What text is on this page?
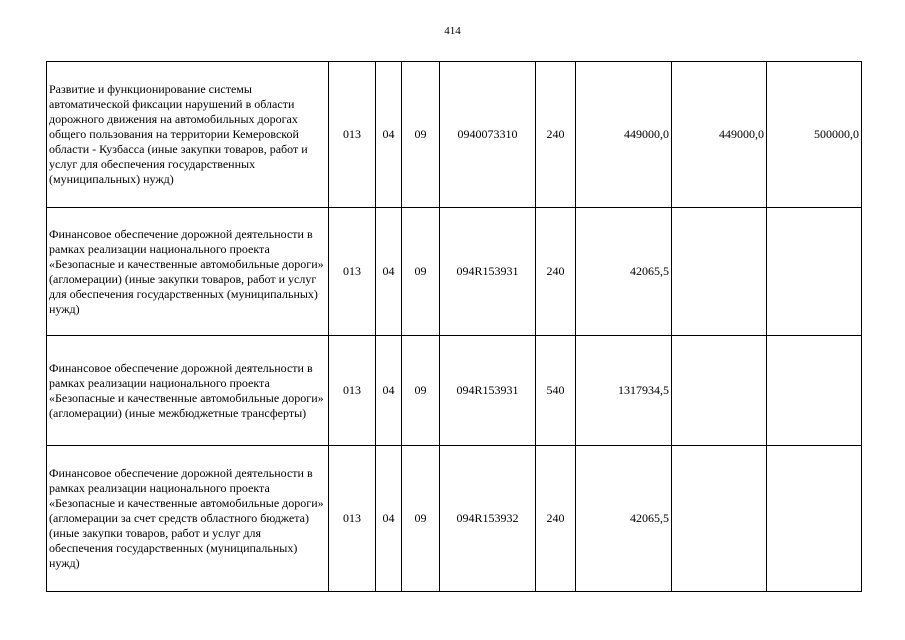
414
Развитие и функционирование системы автоматической фиксации нарушений в области дорожного движения на автомобильных дорогах общего пользования на территории Кемеровской области - Кузбасса (иные закупки товаров, работ и услуг для обеспечения государственных (муниципальных) нужд)	013	04	09	0940073310	240	449000,0	449000,0	500000,0
Финансовое обеспечение дорожной деятельности в рамках реализации национального проекта «Безопасные и качественные автомобильные дороги» (агломерации) (иные закупки товаров, работ и услуг для обеспечения государственных (муниципальных) нужд)	013	04	09	094R153931	240	42065,5		
Финансовое обеспечение дорожной деятельности в рамках реализации национального проекта «Безопасные и качественные автомобильные дороги» (агломерации) (иные межбюджетные трансферты)	013	04	09	094R153931	540	1317934,5		
Финансовое обеспечение дорожной деятельности в рамках реализации национального проекта «Безопасные и качественные автомобильные дороги» (агломерации за счет средств областного бюджета) (иные закупки товаров, работ и услуг для обеспечения государственных (муниципальных) нужд)	013	04	09	094R153932	240	42065,5		
